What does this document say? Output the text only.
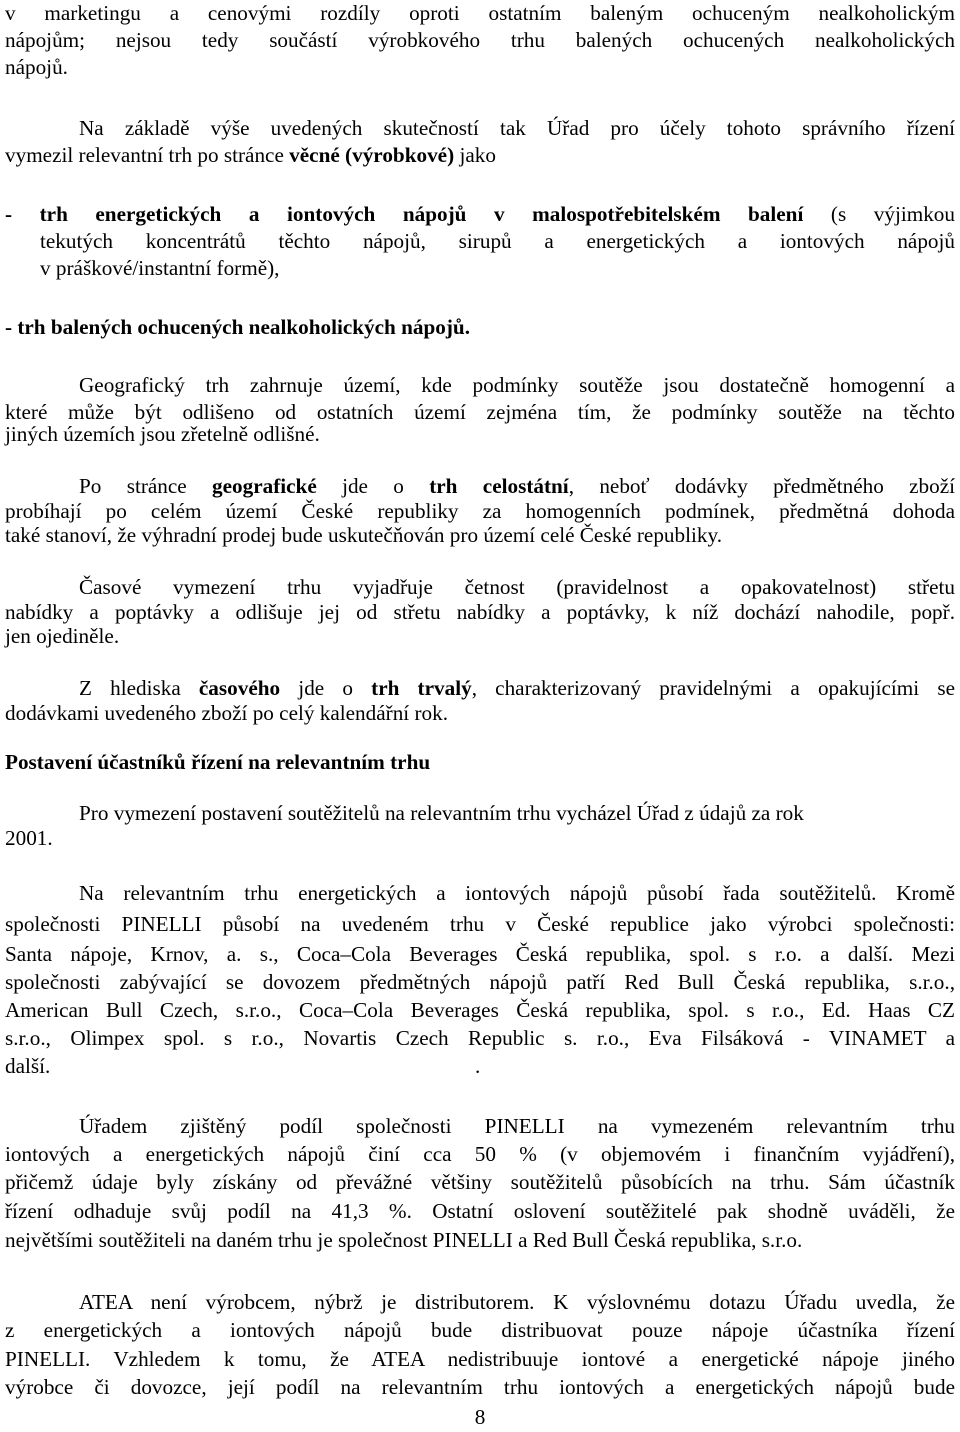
v marketingu a cenovými rozdíly oproti ostatním baleným ochuceným nealkoholickým
nápojům; nejsou tedy součástí výrobkového trhu balených ochucených nealkoholických
nápojů.
Na základě výše uvedených skutečností tak Úřad pro účely tohoto správního řízení
vymezil relevantní trh po stránce věcné (výrobkové) jako
- trh energetických a iontových nápojů v malospotřebitelském balení (s výjimkou
tekutých koncentrátů těchto nápojů, sirupů a energetických a iontových nápojů
v práškové/instantní formě),
- trh balených ochucených nealkoholických nápojů.
Geografický trh zahrnuje území, kde podmínky soutěže jsou dostatečně homogenní a
které může být odlišeno od ostatních území zejména tím, že podmínky soutěže na těchto
jiných územích jsou zřetelně odlišné.
Po stránce geografické jde o trh celostátní, neboť dodávky předmětného zboží
probíhají po celém území České republiky za homogenních podmínek, předmětná dohoda
také stanoví, že výhradní prodej bude uskutečňován pro území celé České republiky.
Časové vymezení trhu vyjadřuje četnost (pravidelnost a opakovatelnost) střetu
nabídky a poptávky a odlišuje jej od střetu nabídky a poptávky, k níž dochází nahodile, popř.
jen ojediněle.
Z hlediska časového jde o trh trvalý, charakterizovaný pravidelnými a opakujícími se
dodávkami uvedeného zboží po celý kalendářní rok.
Postavení účastníků řízení na relevantním trhu
Pro vymezení postavení soutěžitelů na relevantním trhu vycházel Úřad z údajů za rok
2001.
Na relevantním trhu energetických a iontových nápojů působí řada soutěžitelů. Kromě
společnosti PINELLI působí na uvedeném trhu v České republice jako výrobci společnosti:
Santa nápoje, Krnov, a. s., Coca–Cola Beverages Česká republika, spol. s r.o. a další. Mezi
společnosti zabývající se dovozem předmětných nápojů patří Red Bull Česká republika, s.r.o.,
American Bull Czech, s.r.o., Coca–Cola Beverages Česká republika, spol. s r.o., Ed. Haas CZ
s.r.o., Olimpex spol. s r.o., Novartis Czech Republic s. r.o., Eva Filsáková - VINAMET a
další.	.
Úřadem zjištěný podíl společnosti PINELLI na vymezeném relevantním trhu
iontových a energetických nápojů činí cca 50 % (v objemovém i finančním vyjádření),
přičemž údaje byly získány od převážné většiny soutěžitelů působících na trhu. Sám účastník
řízení odhaduje svůj podíl na 41,3 %. Ostatní oslovení soutěžitelé pak shodně uváděli, že
největšími soutěžiteli na daném trhu je společnost PINELLI a Red Bull Česká republika, s.r.o.
ATEA není výrobcem, nýbrž je distributorem. K výslovnému dotazu Úřadu uvedla, že
z energetických a iontových nápojů bude distribuovat pouze nápoje účastníka řízení
PINELLI. Vzhledem k tomu, že ATEA nedistribuuje iontové a energetické nápoje jiného
výrobce či dovozce, její podíl na relevantním trhu iontových a energetických nápojů bude
8
